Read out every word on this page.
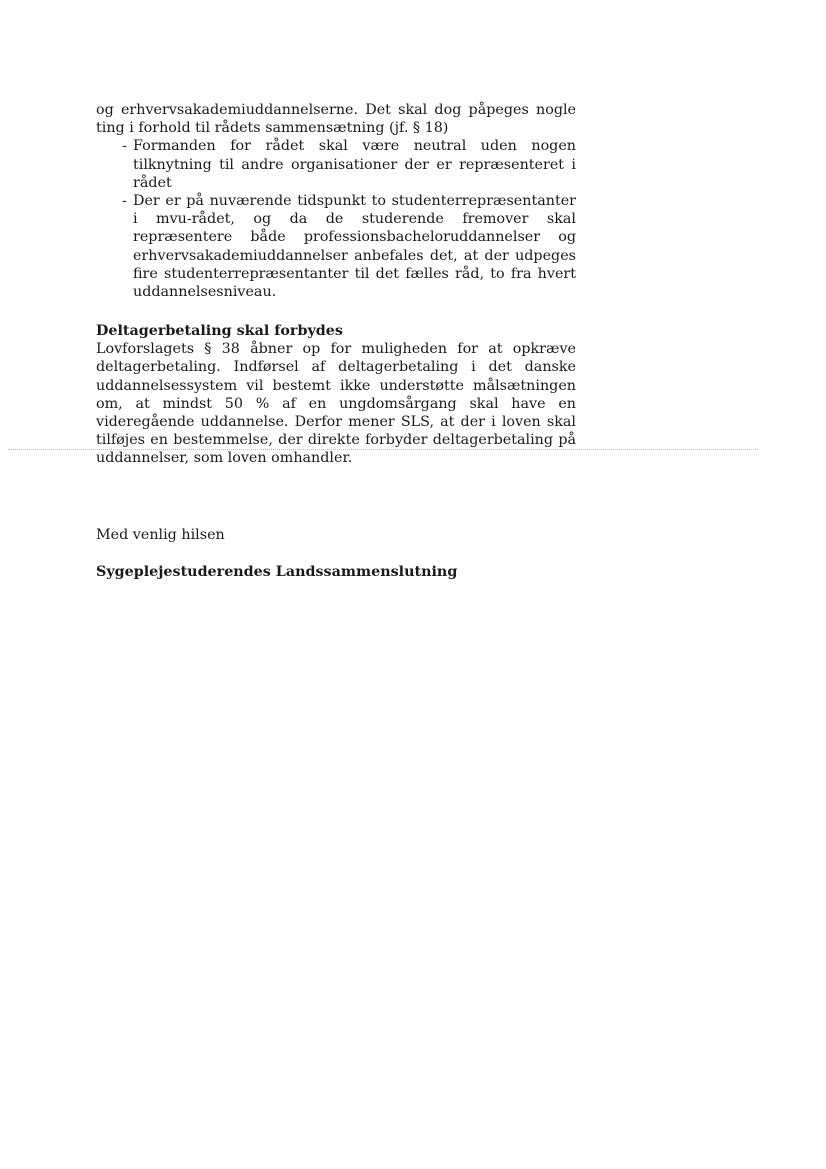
og erhvervsakademiuddannelserne. Det skal dog påpeges nogle ting i forhold til rådets sammensætning (jf. § 18)

- Formanden for rådet skal være neutral uden nogen tilknytning til andre organisationer der er repræsenteret i rådet
- Der er på nuværende tidspunkt to studenterrepræsentanter i mvu-rådet, og da de studerende fremover skal repræsentere både professionsbacheloruddannelser og erhvervsakademiuddannelser anbefales det, at der udpeges fire studenterrepræsentanter til det fælles råd, to fra hvert uddannelsesniveau.

Deltagerbetaling skal forbydes

Lovforslagets § 38 åbner op for muligheden for at opkræve deltagerbetaling. Indførsel af deltagerbetaling i det danske uddannelsessystem vil bestemt ikke understøtte målsætningen om, at mindst 50 % af en ungdomsårgang skal have en videregående uddannelse. Derfor mener SLS, at der i loven skal tilføjes en bestemmelse, der direkte forbyder deltagerbetaling på uddannelser, som loven omhandler.

Med venlig hilsen
Sygeplejestuderendes Landssammenslutning
